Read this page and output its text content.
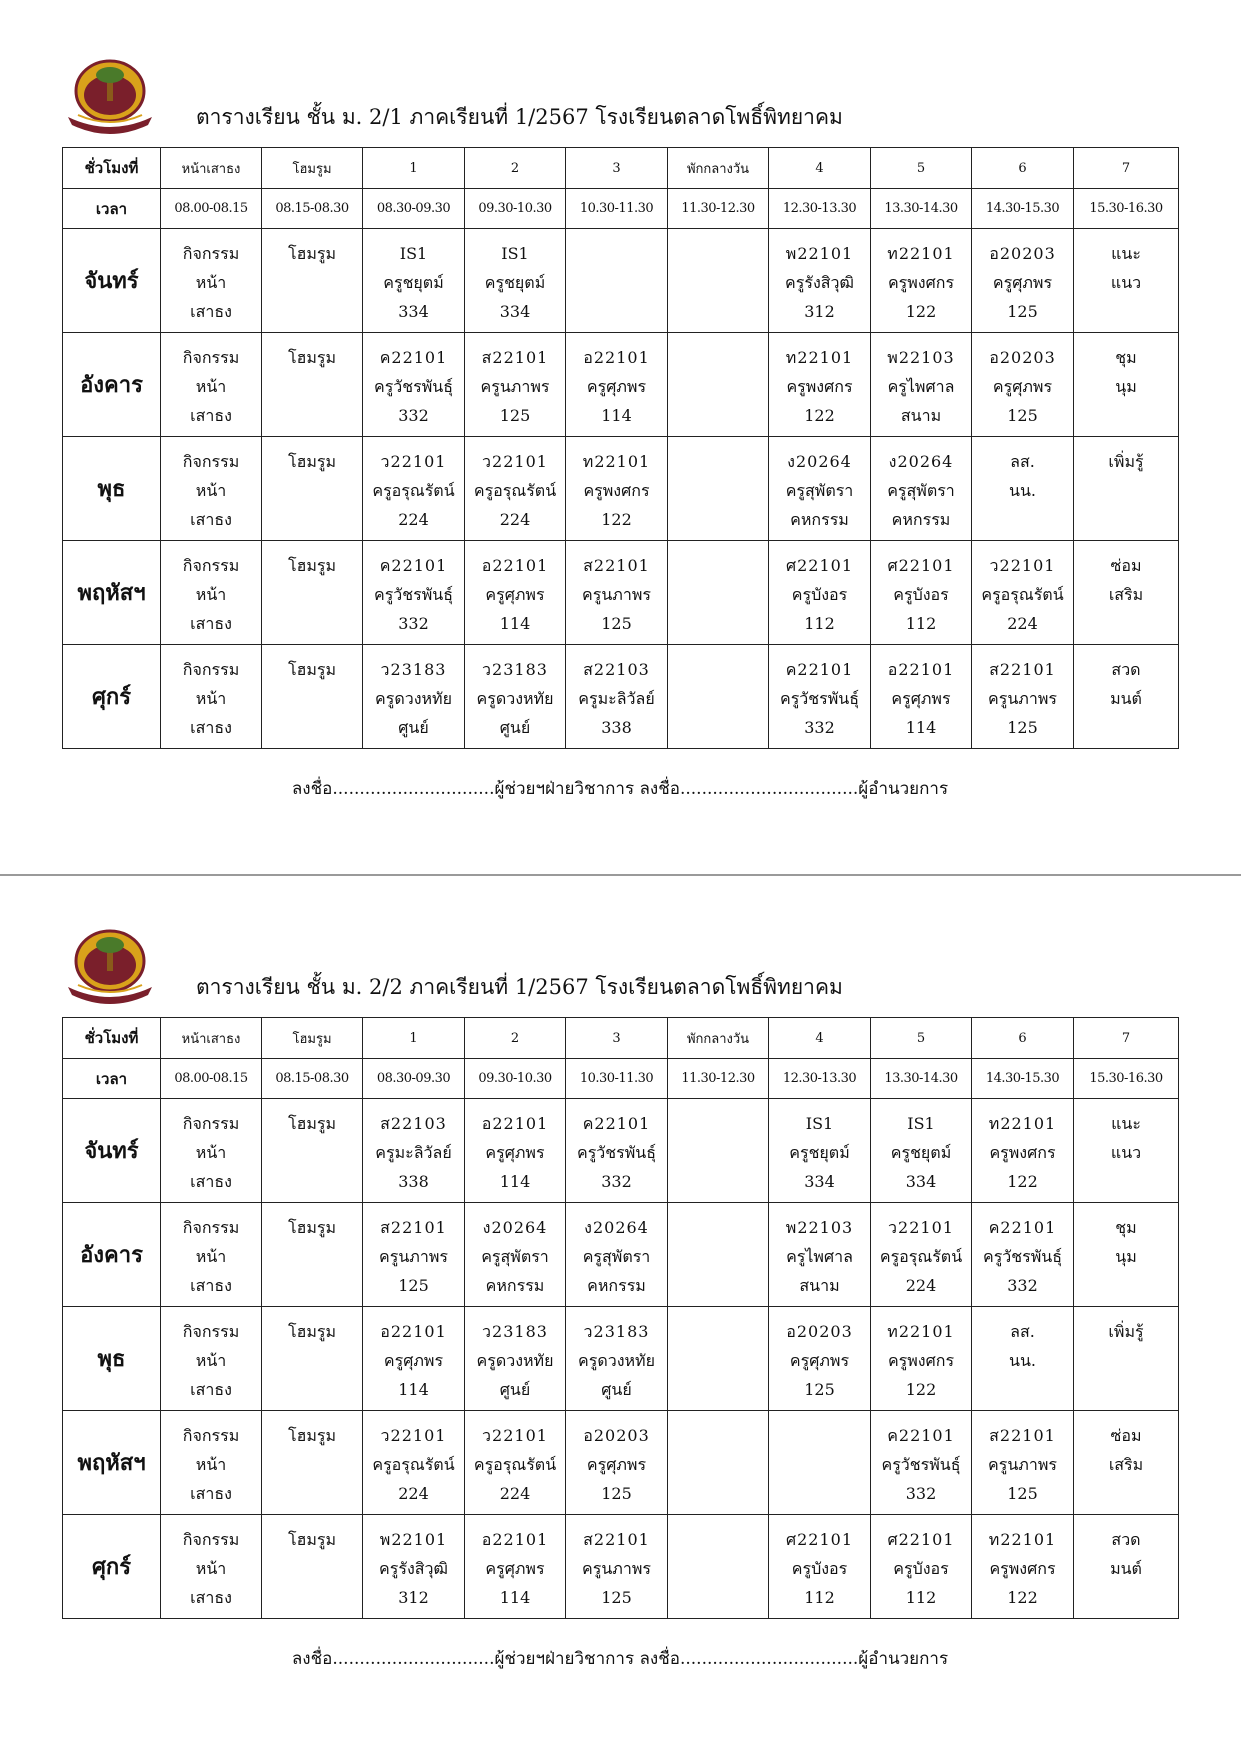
ตารางเรียน ชั้น ม. 2/1 ภาคเรียนที่ 1/2567 โรงเรียนตลาดโพธิ์พิทยาคม
ชั่วโมงที่	หน้าเสาธง	โฮมรูม	1	2	3	พักกลางวัน	4	5	6	7
เวลา	08.00-08.15	08.15-08.30	08.30-09.30	09.30-10.30	10.30-11.30	11.30-12.30	12.30-13.30	13.30-14.30	14.30-15.30	15.30-16.30
จันทร์	กิจกรรม
หน้า
เสาธง	โฮมรูม	IS1
ครูชยุตม์
334	IS1
ครูชยุตม์
334			พ22101
ครูรังสิวุฒิ
312	ท22101
ครูพงศกร
122	อ20203
ครูศุภพร
125	แนะ
แนว

อังคาร	กิจกรรม
หน้า
เสาธง	โฮมรูม	ค22101
ครูวัชรพันธุ์
332	ส22101
ครูนภาพร
125	อ22101
ครูศุภพร
114		ท22101
ครูพงศกร
122	พ22103
ครูไพศาล
สนาม	อ20203
ครูศุภพร
125	ชุม
นุม

พุธ	กิจกรรม
หน้า
เสาธง	โฮมรูม	ว22101
ครูอรุณรัตน์
224	ว22101
ครูอรุณรัตน์
224	ท22101
ครูพงศกร
122		ง20264
ครูสุพัตรา
คหกรรม	ง20264
ครูสุพัตรา
คหกรรม	ลส.
นน.	เพิ่มรู้

พฤหัสฯ	กิจกรรม
หน้า
เสาธง	โฮมรูม	ค22101
ครูวัชรพันธุ์
332	อ22101
ครูศุภพร
114	ส22101
ครูนภาพร
125		ศ22101
ครูบังอร
112	ศ22101
ครูบังอร
112	ว22101
ครูอรุณรัตน์
224	ซ่อม
เสริม

ศุกร์	กิจกรรม
หน้า
เสาธง	โฮมรูม	ว23183
ครูดวงหทัย
ศูนย์	ว23183
ครูดวงหทัย
ศูนย์	ส22103
ครูมะลิวัลย์
338		ค22101
ครูวัชรพันธุ์
332	อ22101
ครูศุภพร
114	ส22101
ครูนภาพร
125	สวด
มนต์
ลงชื่อ..............................ผู้ช่วยฯฝ่ายวิชาการ ลงชื่อ.................................ผู้อำนวยการ
ตารางเรียน ชั้น ม. 2/2 ภาคเรียนที่ 1/2567 โรงเรียนตลาดโพธิ์พิทยาคม
ชั่วโมงที่	หน้าเสาธง	โฮมรูม	1	2	3	พักกลางวัน	4	5	6	7
เวลา	08.00-08.15	08.15-08.30	08.30-09.30	09.30-10.30	10.30-11.30	11.30-12.30	12.30-13.30	13.30-14.30	14.30-15.30	15.30-16.30
จันทร์	กิจกรรม
หน้า
เสาธง	โฮมรูม	ส22103
ครูมะลิวัลย์
338	อ22101
ครูศุภพร
114	ค22101
ครูวัชรพันธุ์
332		IS1
ครูชยุตม์
334	IS1
ครูชยุตม์
334	ท22101
ครูพงศกร
122	แนะ
แนว

อังคาร	กิจกรรม
หน้า
เสาธง	โฮมรูม	ส22101
ครูนภาพร
125	ง20264
ครูสุพัตรา
คหกรรม	ง20264
ครูสุพัตรา
คหกรรม		พ22103
ครูไพศาล
สนาม	ว22101
ครูอรุณรัตน์
224	ค22101
ครูวัชรพันธุ์
332	ชุม
นุม

พุธ	กิจกรรม
หน้า
เสาธง	โฮมรูม	อ22101
ครูศุภพร
114	ว23183
ครูดวงหทัย
ศูนย์	ว23183
ครูดวงหทัย
ศูนย์		อ20203
ครูศุภพร
125	ท22101
ครูพงศกร
122	ลส.
นน.	เพิ่มรู้

พฤหัสฯ	กิจกรรม
หน้า
เสาธง	โฮมรูม	ว22101
ครูอรุณรัตน์
224	ว22101
ครูอรุณรัตน์
224	อ20203
ครูศุภพร
125			ค22101
ครูวัชรพันธุ์
332	ส22101
ครูนภาพร
125	ซ่อม
เสริม

ศุกร์	กิจกรรม
หน้า
เสาธง	โฮมรูม	พ22101
ครูรังสิวุฒิ
312	อ22101
ครูศุภพร
114	ส22101
ครูนภาพร
125		ศ22101
ครูบังอร
112	ศ22101
ครูบังอร
112	ท22101
ครูพงศกร
122	สวด
มนต์
ลงชื่อ..............................ผู้ช่วยฯฝ่ายวิชาการ ลงชื่อ.................................ผู้อำนวยการ
